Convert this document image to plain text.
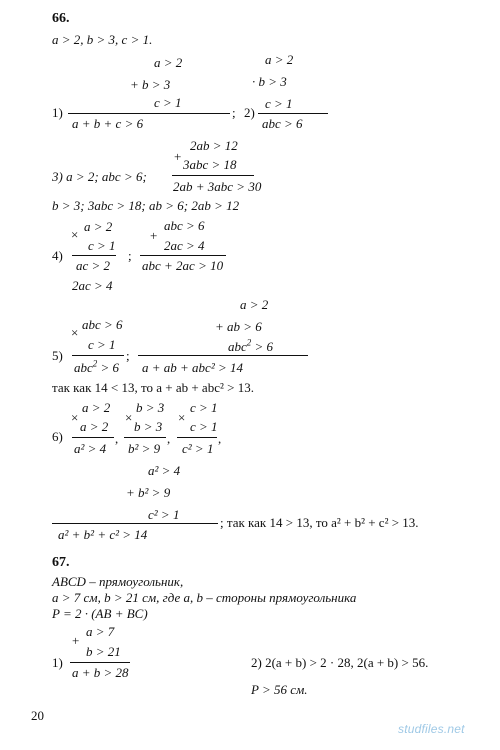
66.
a > 2, b > 3, c > 1.
a > 2
+ b > 3
c > 1
1)
a + b + c > 6
; 2)
a > 2
· b > 3
c > 1
abc > 6
2ab > 12
+
3abc > 18
3) a > 2; abc > 6;
2ab + 3abc > 30
b > 3; 3abc > 18; ab > 6; 2ab > 12
×
a > 2
c > 1
4)
ac > 2
;
+
abc > 6
2ac > 4
abc + 2ac > 10
2ac > 4
a > 2
×
abc > 6	+ ab > 6
c > 1	abc$^2$ > 6
5)	;
abc$^2$ > 6 a + ab + abc² > 14
так как 14 < 13, то a + ab + abc² > 13.
×
a > 2
×
b > 3
×
c > 1
a > 2 b > 3 c > 1
6)	,	,	,
a² > 4 b² > 9 c² > 1
a² > 4
+ b² > 9
c² > 1
a² + b² + c² > 14
; так как 14 > 13, то a² + b² + c² > 13.
67.
ABCD – прямоугольник,
a > 7 см, b > 21 см, где a, b – стороны прямоугольника
P = 2 · (AB + BC)
+
a > 7
b > 21
1)
a + b > 28
2) 2(a + b) > 2 · 28, 2(a + b) > 56.
P > 56 см.
20
studfiles.net
